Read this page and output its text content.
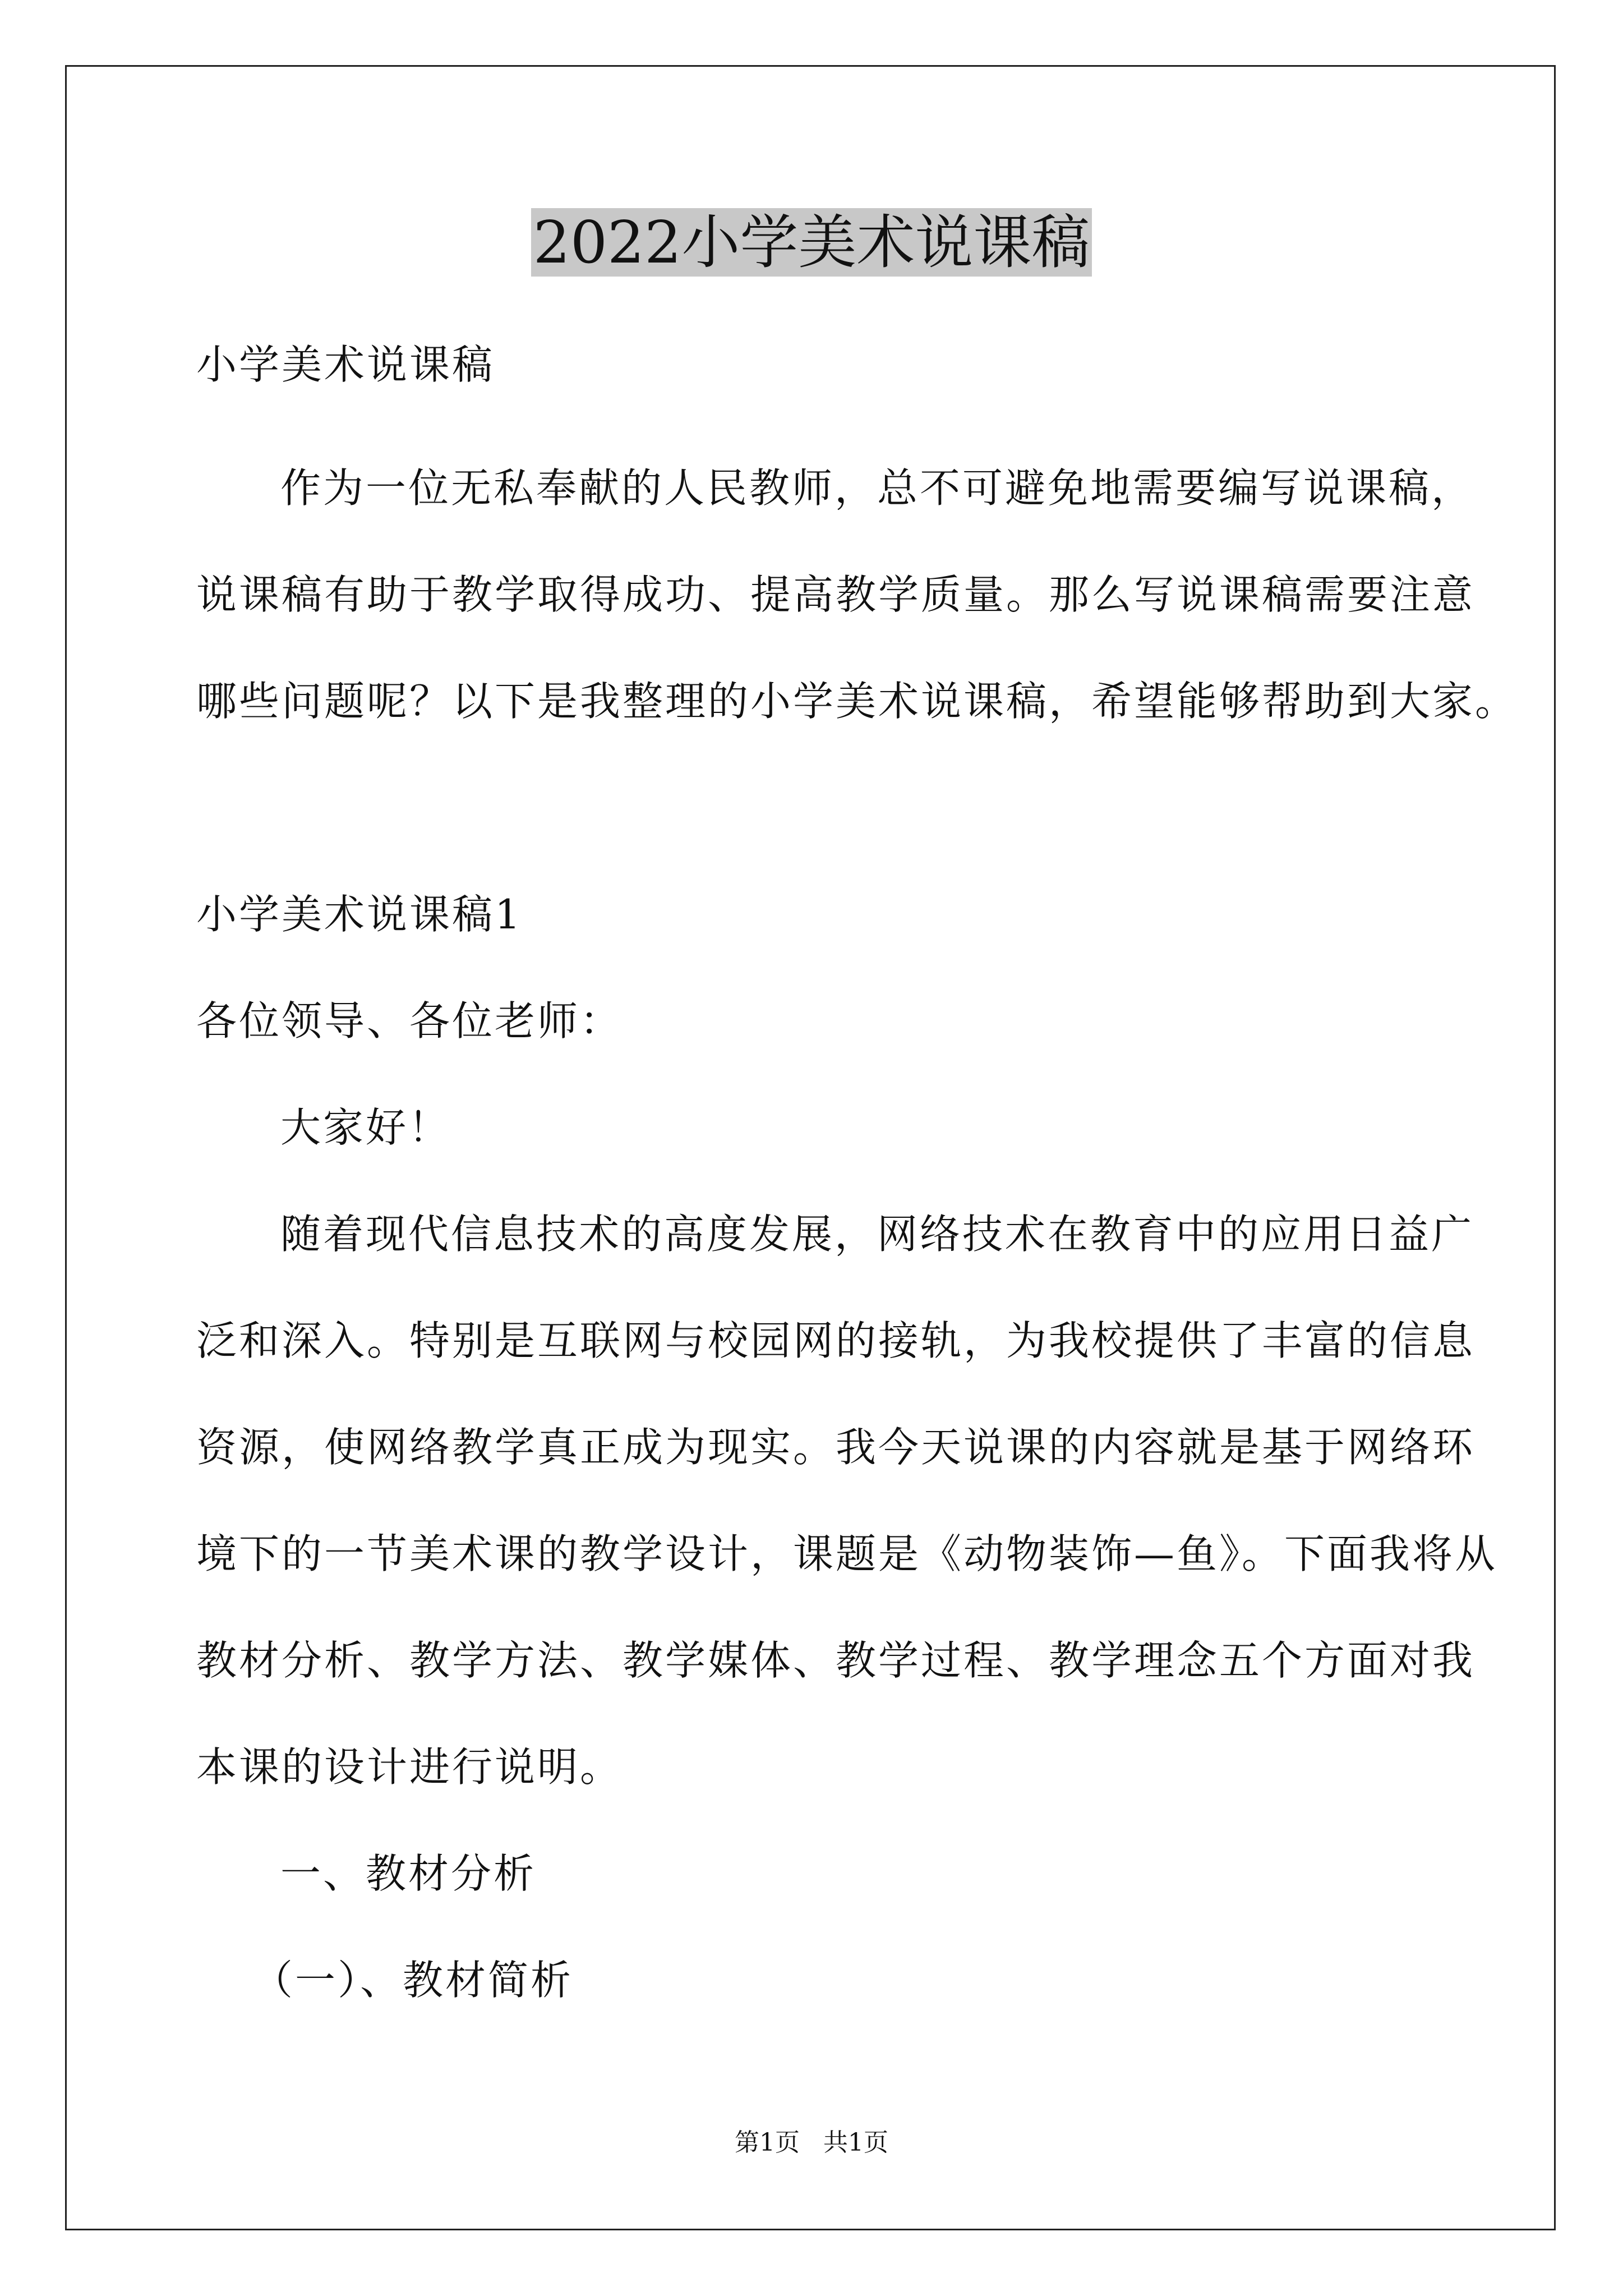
2022小学美术说课稿
小学美术说课稿
作为一位无私奉献的人民教师，总不可避免地需要编写说课稿，
说课稿有助于教学取得成功、提高教学质量。那么写说课稿需要注意
哪些问题呢？以下是我整理的小学美术说课稿，希望能够帮助到大家。
小学美术说课稿1
各位领导、各位老师：
大家好！
随着现代信息技术的高度发展，网络技术在教育中的应用日益广
泛和深入。特别是互联网与校园网的接轨，为我校提供了丰富的信息
资源，使网络教学真正成为现实。我今天说课的内容就是基于网络环
境下的一节美术课的教学设计，课题是《动物装饰—鱼》。下面我将从
教材分析、教学方法、教学媒体、教学过程、教学理念五个方面对我
本课的设计进行说明。
一、教材分析
（一）、教材简析
第1页   共1页
